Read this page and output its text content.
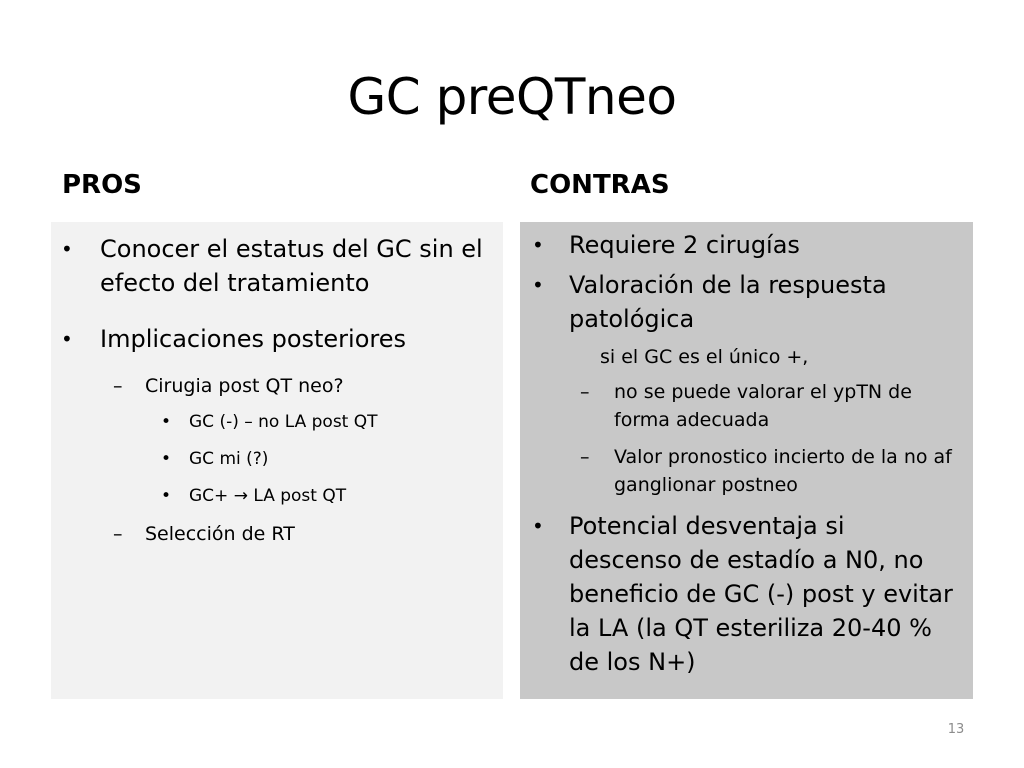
GC preQTneo
PROS	CONTRAS
•	Conocer el estatus del GC sin el efecto del tratamiento
•	Implicaciones posteriores
–	Cirugia post QT neo?
•	GC (-) – no LA post QT
•	GC mi (?)
•	GC+ → LA post QT
–	Selección de RT
•	Requiere 2 cirugías
•	Valoración de la respuesta patológica
si el GC es el único +,
–	no se puede valorar el ypTN de forma adecuada
–	Valor pronostico incierto de la no af ganglionar postneo
•	Potencial desventaja si descenso de estadío a N0, no beneficio de GC (-) post y evitar la LA (la QT esteriliza 20-40 % de los N+)
13
